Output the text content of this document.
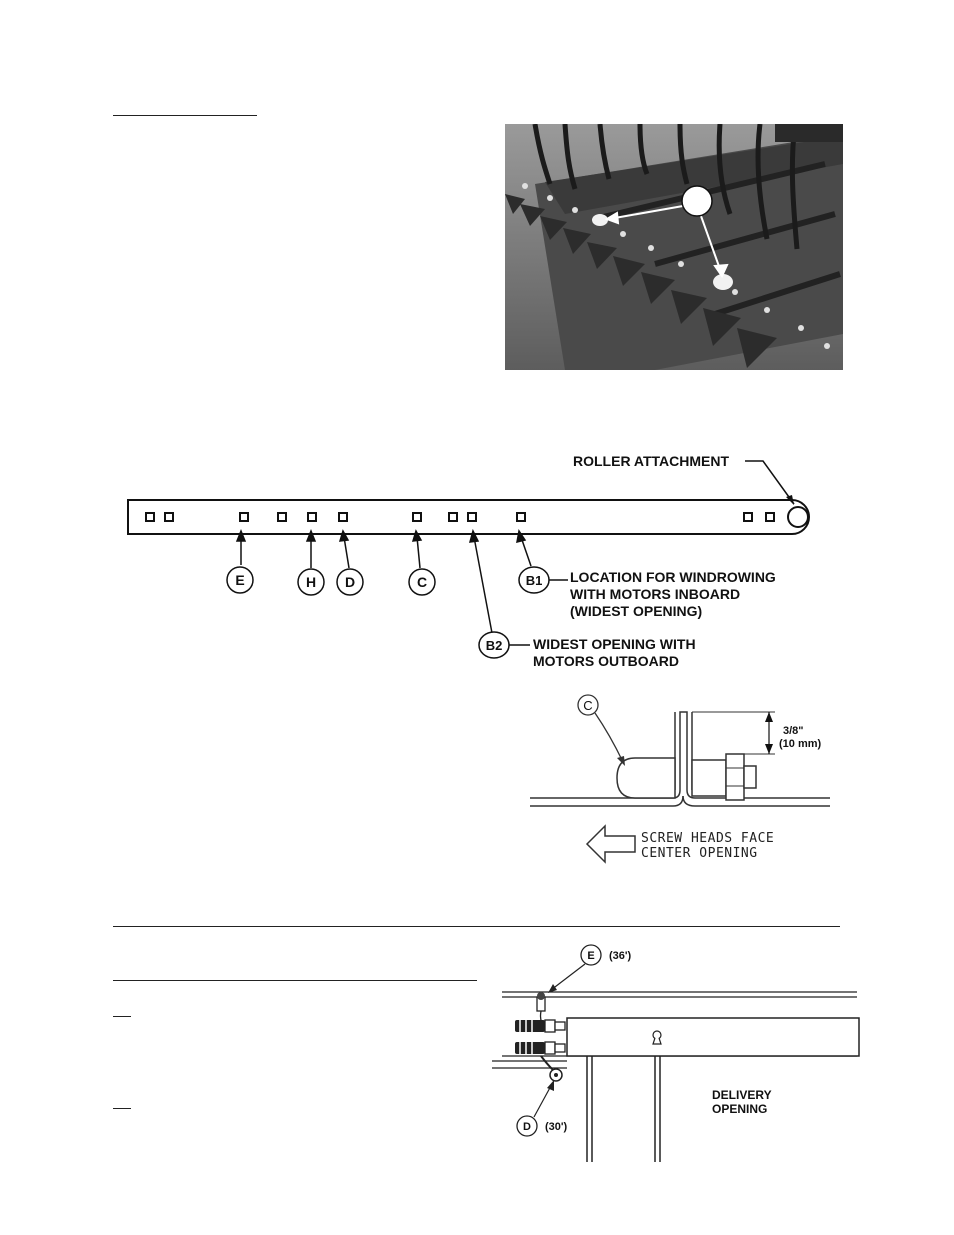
ROLLER ATTACHMENT
E	H D	C	B1
B2
LOCATION FOR WINDROWING
WITH MOTORS INBOARD
(WIDEST OPENING)
WIDEST OPENING WITH
MOTORS OUTBOARD
3/8"
(10 mm)
C
SCREW HEADS FACE
CENTER OPENING
E (36')
D (30')
DELIVERY
OPENING
